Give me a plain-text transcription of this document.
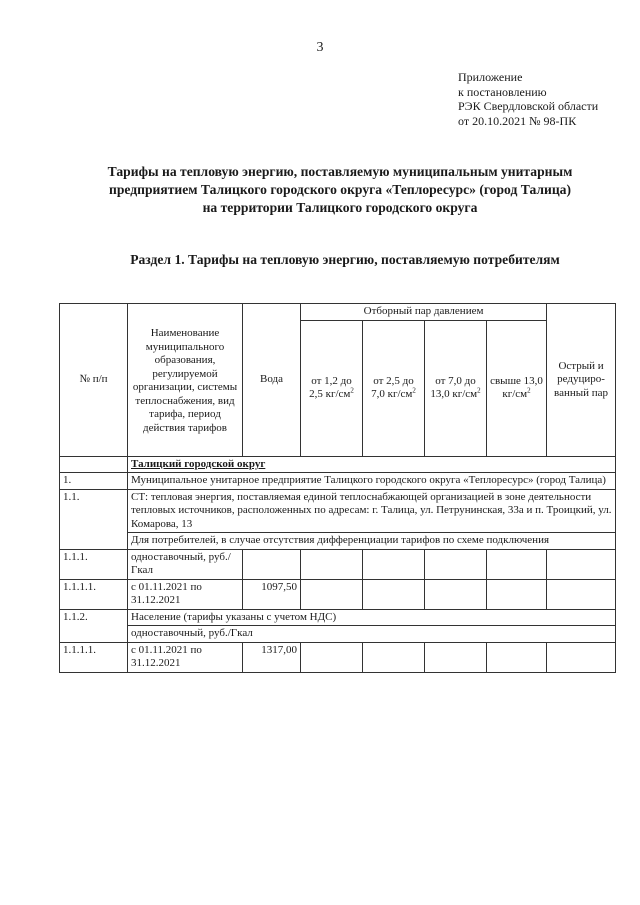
3
Приложение
к постановлению
РЭК Свердловской области
от 20.10.2021 № 98-ПК
Тарифы на тепловую энергию, поставляемую муниципальным унитарным
предприятием Талицкого городского округа «Теплоресурс» (город Талица)
на территории Талицкого городского округа
Раздел 1. Тарифы на тепловую энергию, поставляемую потребителям
№ п/п	Наименование муниципального образования, регулируемой организации, системы теплоснабжения, вид тарифа, период действия тарифов	Вода	Отборный пар давлением				Острый и редуциро-ванный пар
			от 1,2 до 2,5 $кг/см^2$	от 2,5 до 7,0 $кг/см^2$	от 7,0 до 13,0 $кг/см^2$	свыше 13,0 $кг/см^2$
	Талицкий городской округ						
1.	Муниципальное унитарное предприятие Талицкого городского округа «Теплоресурс» (город Талица)						
1.1.	СТ: тепловая энергия, поставляемая единой теплоснабжающей организацией в зоне деятельности тепловых источников, расположенных по адресам: г. Талица, ул. Петрунинская, 33а и п. Троицкий, ул. Комарова, 13						
	Для потребителей, в случае отсутствия дифференциации тарифов по схеме подключения						
1.1.1.	одноставочный, руб./Гкал						
1.1.1.1.	с 01.11.2021 по 31.12.2021	1097,50					
1.1.2.	Население (тарифы указаны с учетом НДС)						
	одноставочный, руб./Гкал						
1.1.1.1.	с 01.11.2021 по 31.12.2021	1317,00					
